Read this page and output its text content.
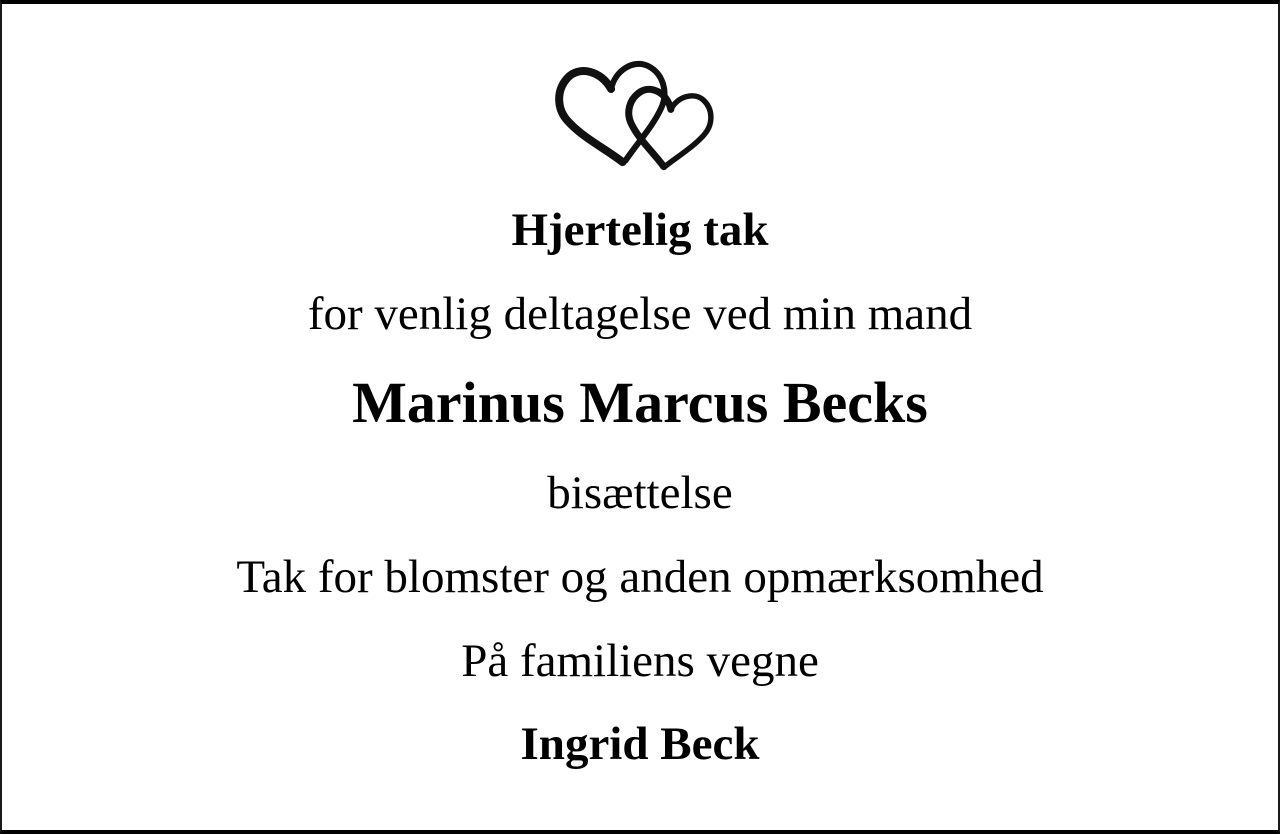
Hjertelig tak
for venlig deltagelse ved min mand
Marinus Marcus Becks
bisættelse
Tak for blomster og anden opmærksomhed
På familiens vegne
Ingrid Beck
